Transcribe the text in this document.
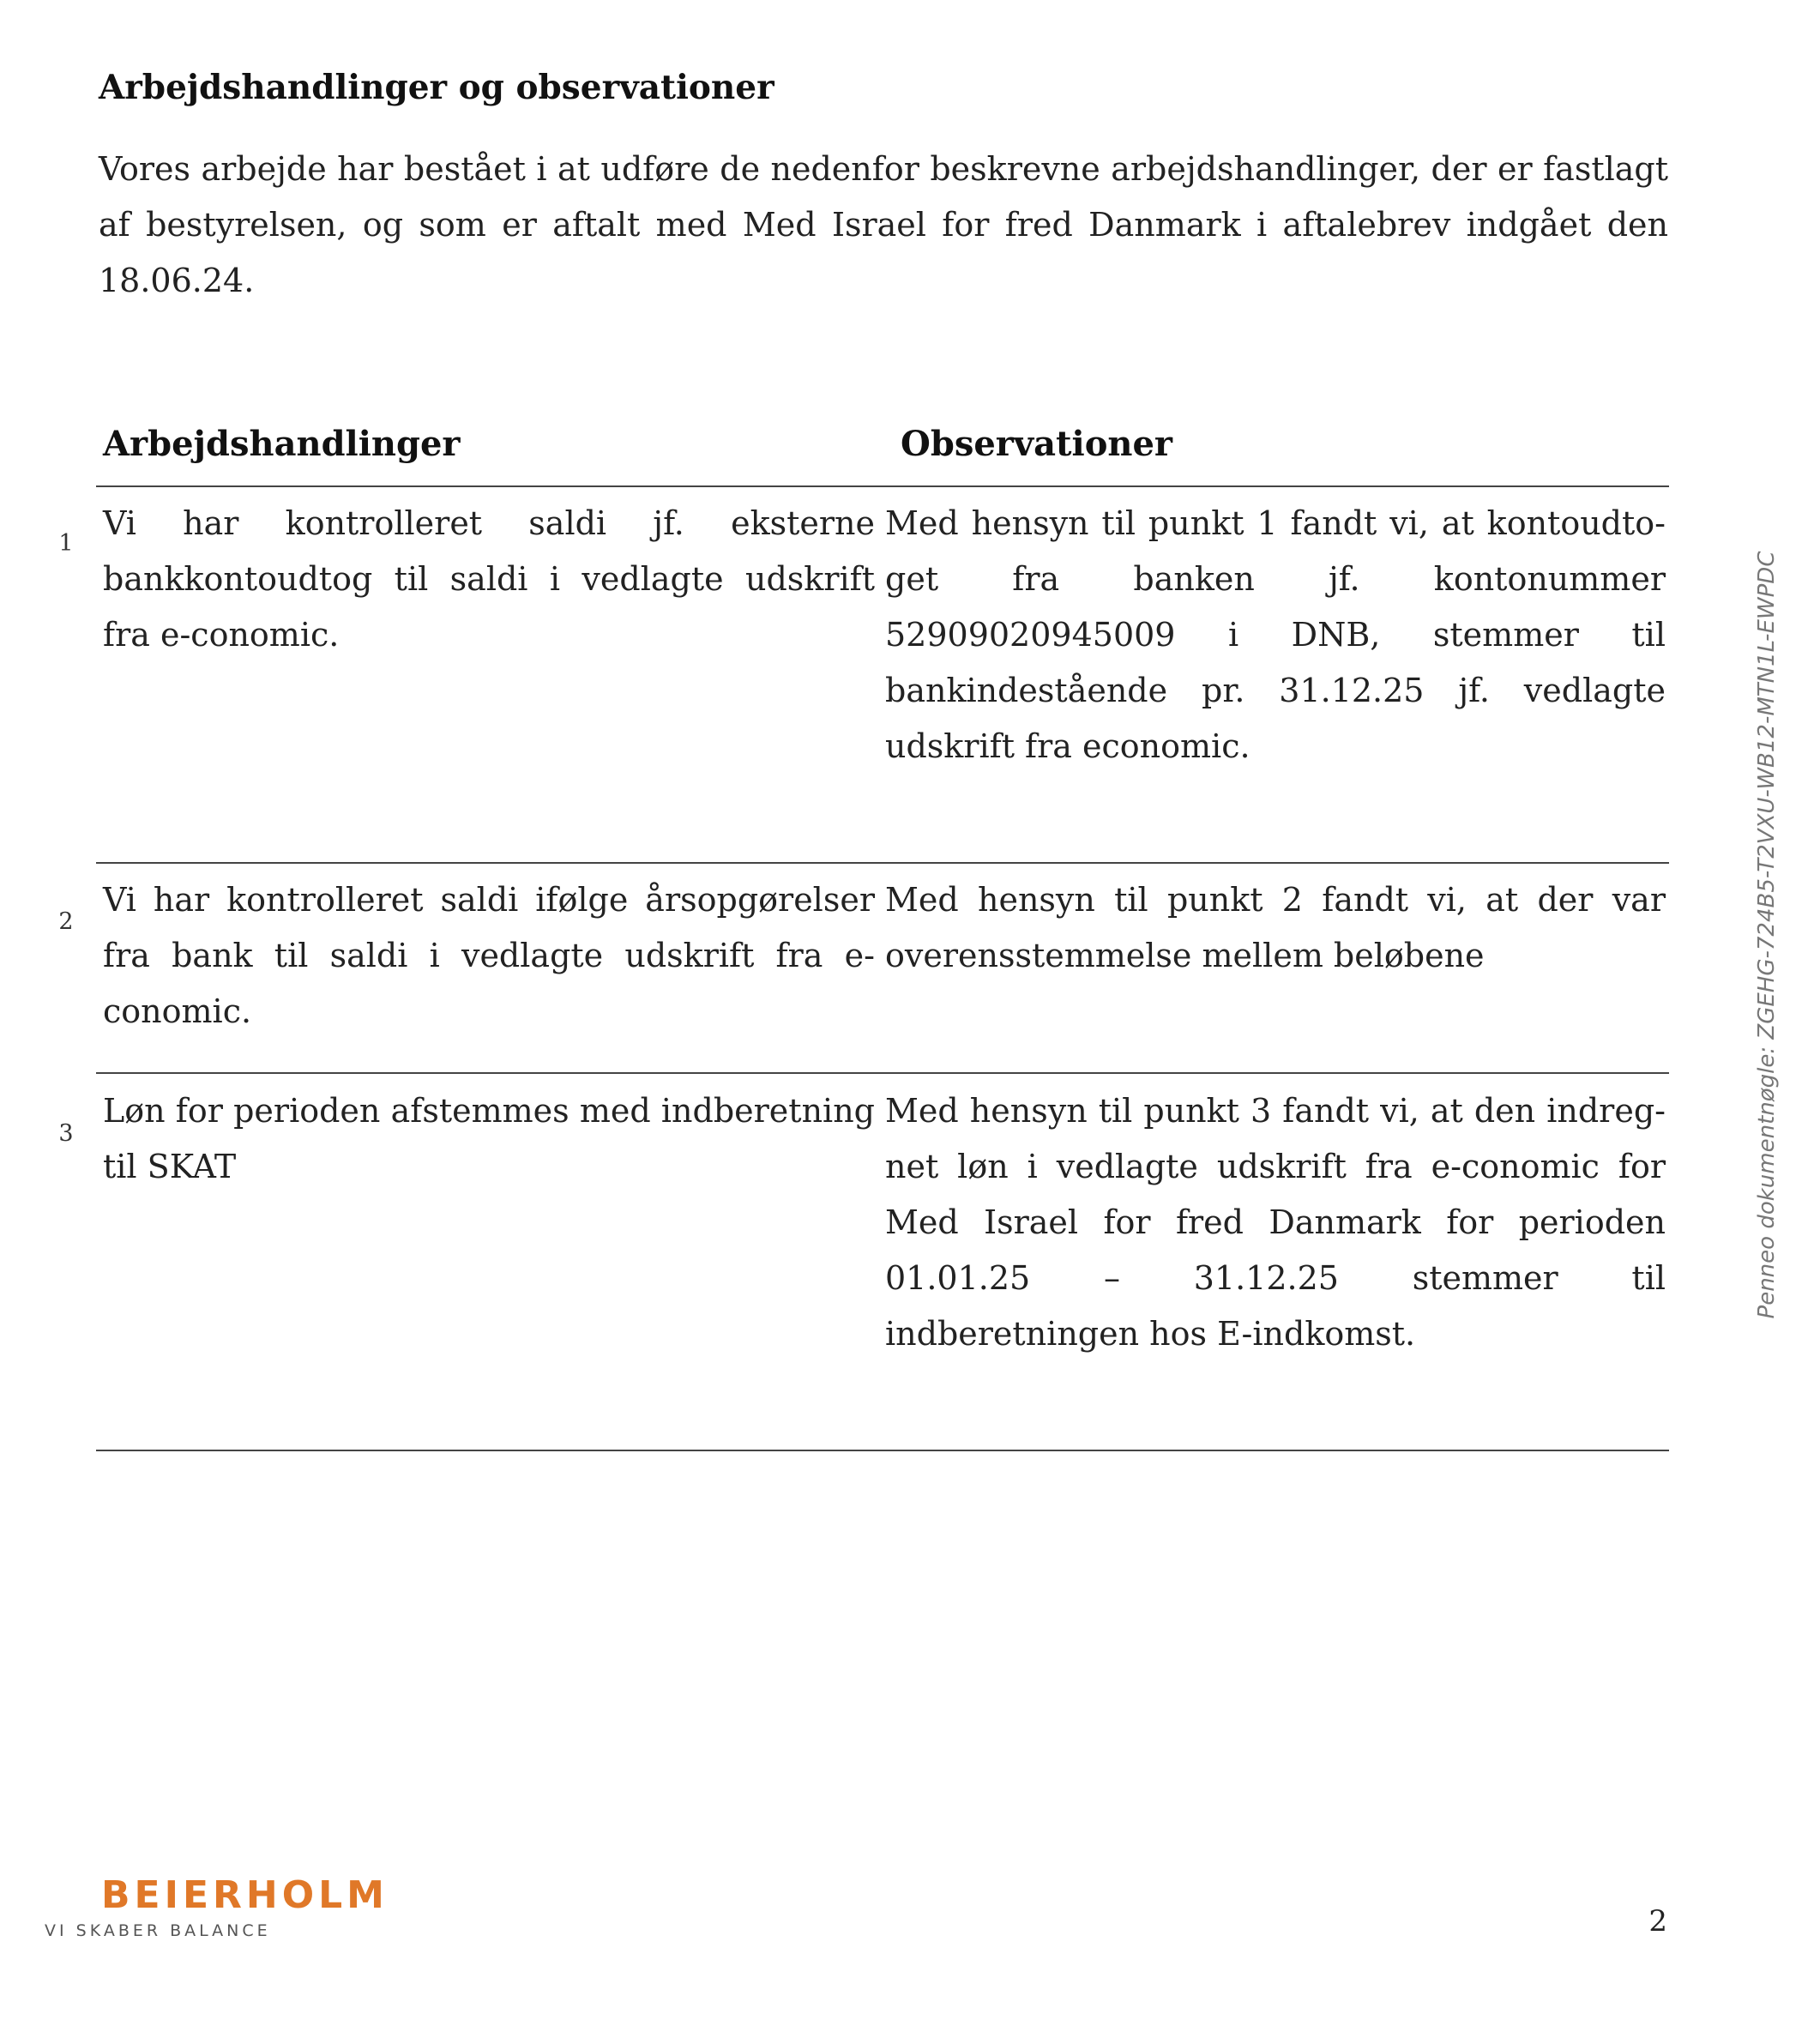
Arbejdshandlinger og observationer

Vores arbejde har bestået i at udføre de nedenfor beskrevne arbejdshandlinger, der er fastlagt af bestyrelsen, og som er aftalt med Med Israel for fred Danmark i aftalebrev indgået den 18.06.24.

Arbejdshandlinger	Observationer
1

Vi har kontrolleret saldi jf. eksterne bankkontoudtog til saldi i vedlagte udskrift fra e-conomic.

Med hensyn til punkt 1 fandt vi, at kontoudtoget fra banken jf. kontonummer 52909020945009 i DNB, stemmer til bankindestående pr. 31.12.25 jf. vedlagte udskrift fra economic.

2

Vi har kontrolleret saldi ifølge årsopgørelser fra bank til saldi i vedlagte udskrift fra e-conomic.

Med hensyn til punkt 2 fandt vi, at der var overensstemmelse mellem beløbene

3

Løn for perioden afstemmes med indberetning til SKAT

Med hensyn til punkt 3 fandt vi, at den indregnet løn i vedlagte udskrift fra e-conomic for Med Israel for fred Danmark for perioden 01.01.25 – 31.12.25 stemmer til indberetningen hos E-indkomst.

Penneo dokumentnøgle: ZGEHG-724B5-T2VXU-WB12-MTN1L-EWPDC
BEIERHOLM
VI SKABER BALANCE	2
